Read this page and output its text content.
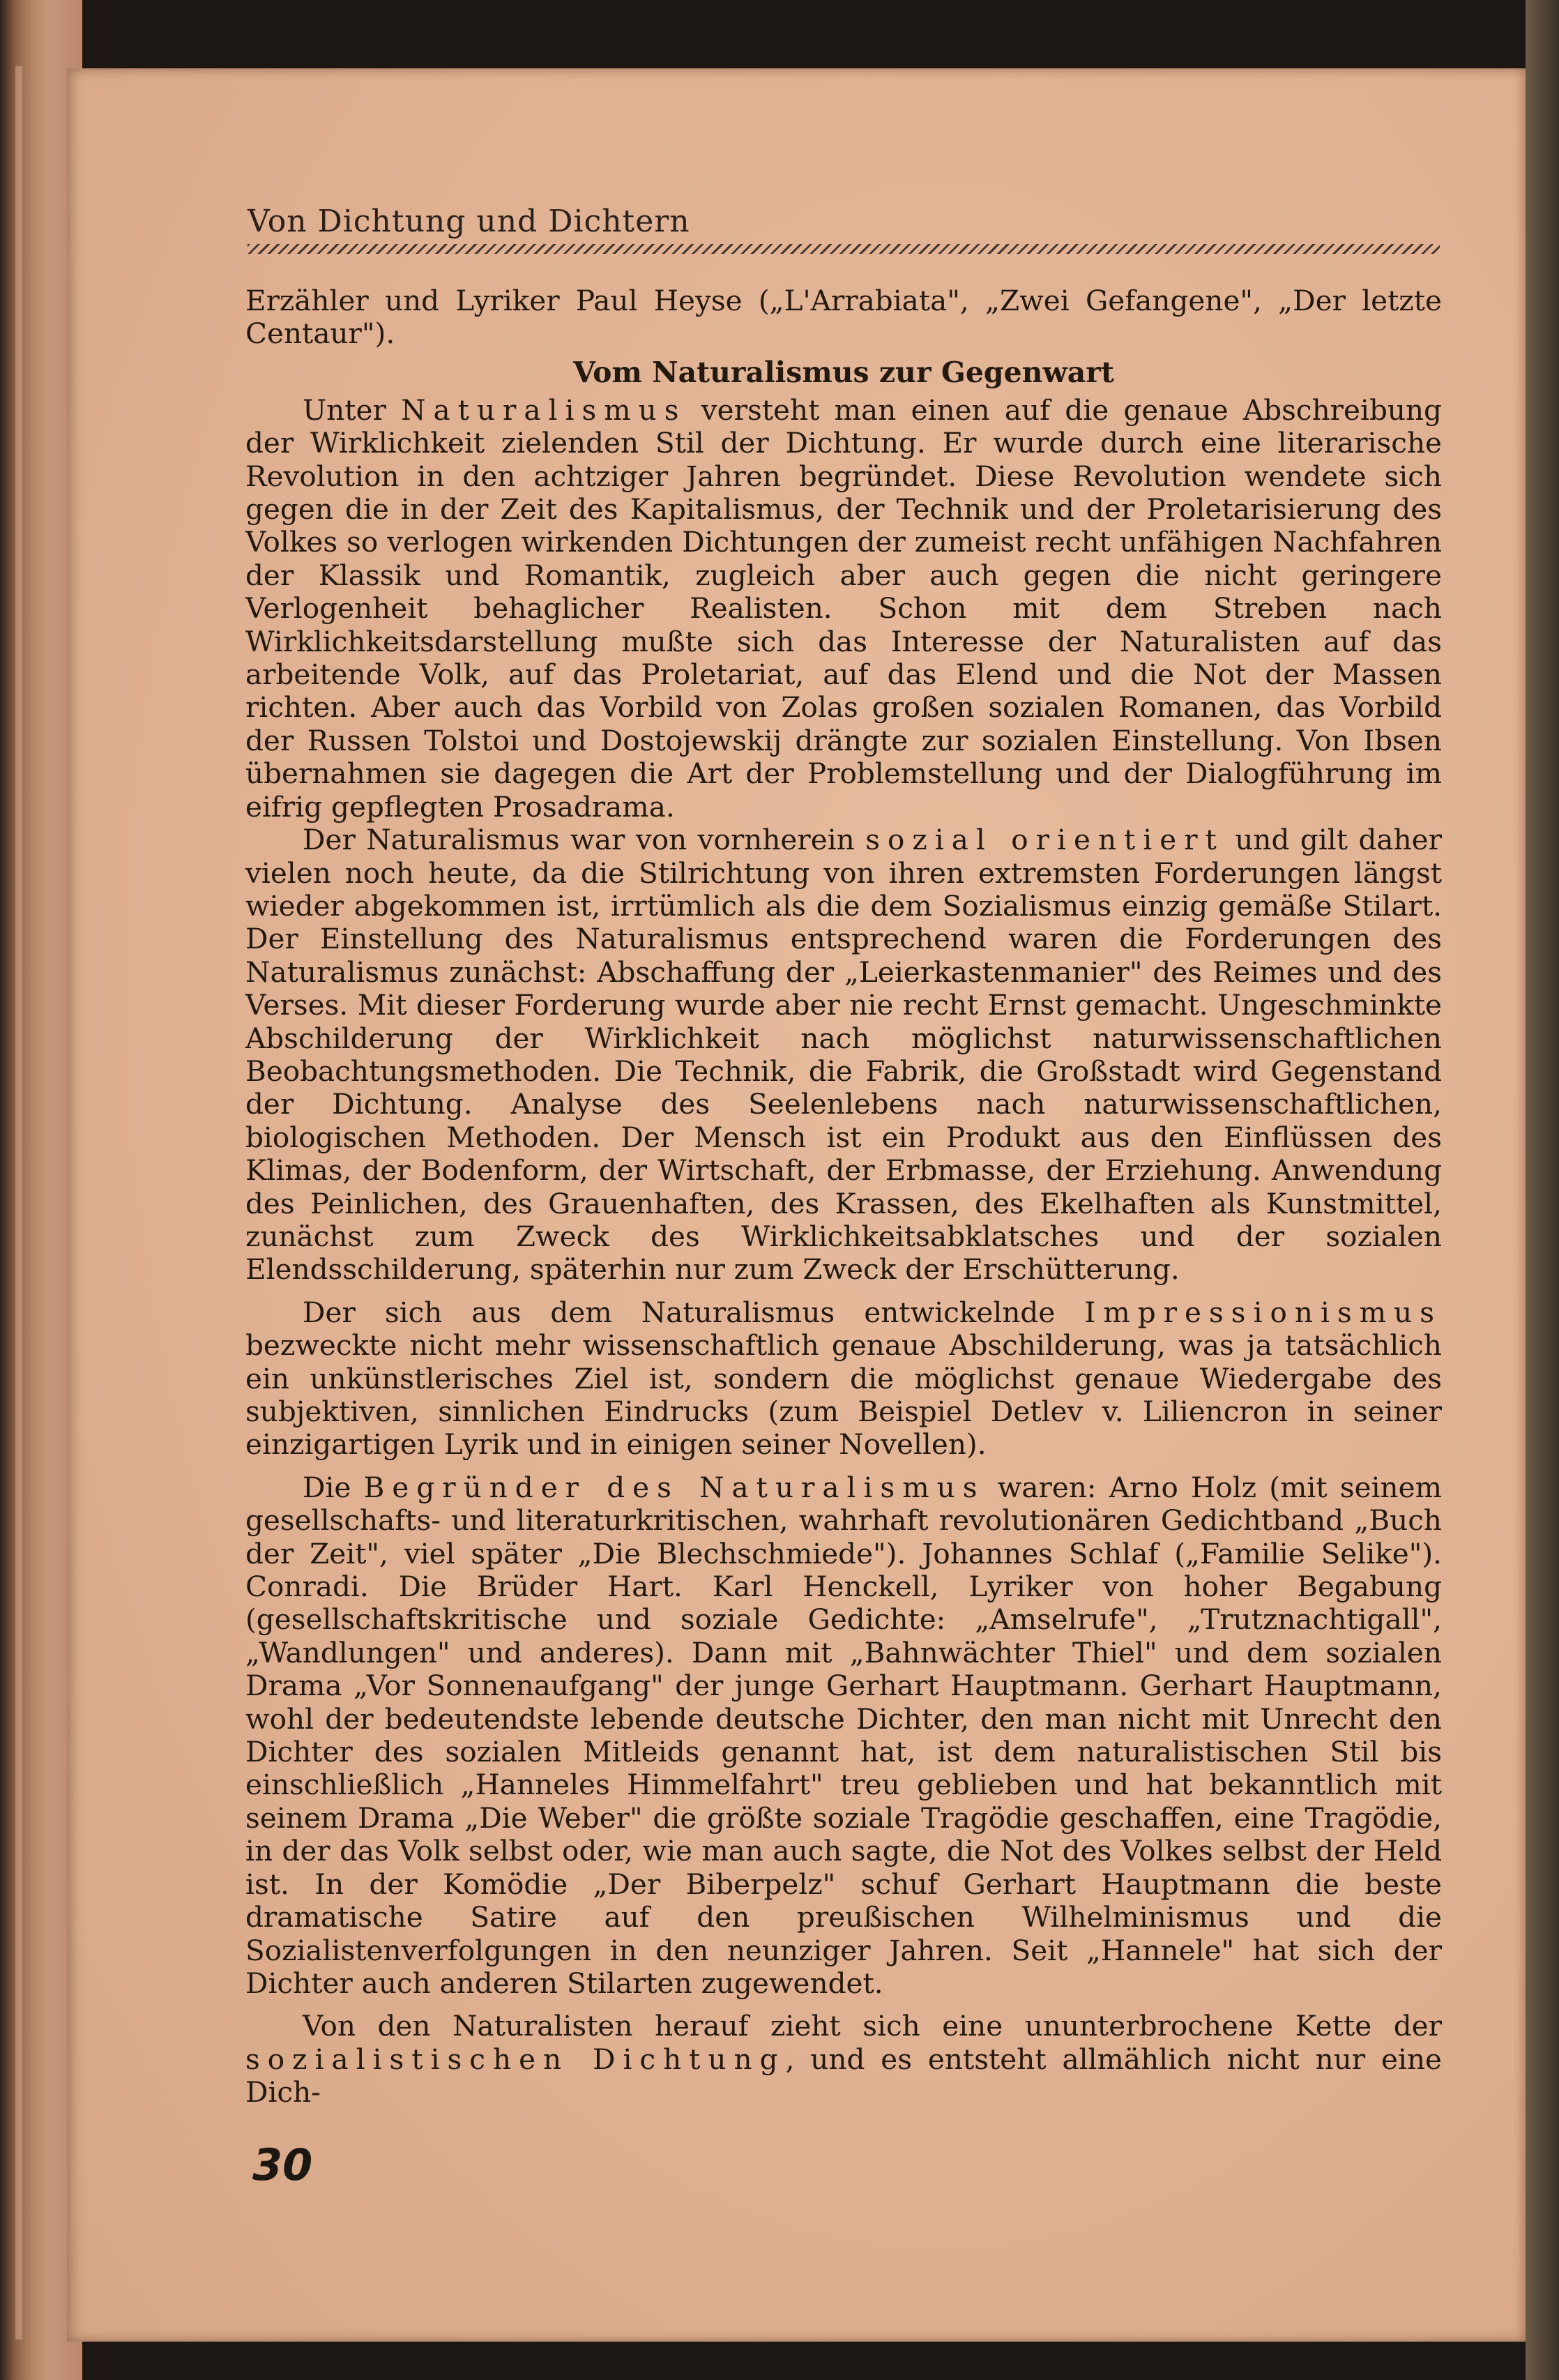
Von Dichtung und Dichtern

Erzähler und Lyriker Paul Heyse („L'Arrabiata", „Zwei Gefangene", „Der letzte Centaur").

Vom Naturalismus zur Gegenwart

Unter Naturalismus versteht man einen auf die genaue Abschreibung der Wirklichkeit zielenden Stil der Dichtung. Er wurde durch eine literarische Revolution in den achtziger Jahren begründet. Diese Revolution wendete sich gegen die in der Zeit des Kapitalismus, der Technik und der Proletarisierung des Volkes so verlogen wirkenden Dichtungen der zumeist recht unfähigen Nachfahren der Klassik und Romantik, zugleich aber auch gegen die nicht geringere Verlogenheit behaglicher Realisten. Schon mit dem Streben nach Wirklichkeitsdarstellung mußte sich das Interesse der Naturalisten auf das arbeitende Volk, auf das Proletariat, auf das Elend und die Not der Massen richten. Aber auch das Vorbild von Zolas großen sozialen Romanen, das Vorbild der Russen Tolstoi und Dostojewskij drängte zur sozialen Einstellung. Von Ibsen übernahmen sie dagegen die Art der Problemstellung und der Dialogführung im eifrig gepflegten Prosadrama.

Der Naturalismus war von vornherein sozial orientiert und gilt daher vielen noch heute, da die Stilrichtung von ihren extremsten Forderungen längst wieder abgekommen ist, irrtümlich als die dem Sozialismus einzig gemäße Stilart. Der Einstellung des Naturalismus entsprechend waren die Forderungen des Naturalismus zunächst: Abschaffung der „Leierkastenmanier" des Reimes und des Verses. Mit dieser Forderung wurde aber nie recht Ernst gemacht. Ungeschminkte Abschilderung der Wirklichkeit nach möglichst naturwissenschaftlichen Beobachtungsmethoden. Die Technik, die Fabrik, die Großstadt wird Gegenstand der Dichtung. Analyse des Seelenlebens nach naturwissenschaftlichen, biologischen Methoden. Der Mensch ist ein Produkt aus den Einflüssen des Klimas, der Bodenform, der Wirtschaft, der Erbmasse, der Erziehung. Anwendung des Peinlichen, des Grauenhaften, des Krassen, des Ekelhaften als Kunstmittel, zunächst zum Zweck des Wirklichkeitsabklatsches und der sozialen Elendsschilderung, späterhin nur zum Zweck der Erschütterung.

Der sich aus dem Naturalismus entwickelnde Impressionismus bezweckte nicht mehr wissenschaftlich genaue Abschilderung, was ja tatsächlich ein unkünstlerisches Ziel ist, sondern die möglichst genaue Wiedergabe des subjektiven, sinnlichen Eindrucks (zum Beispiel Detlev v. Liliencron in seiner einzigartigen Lyrik und in einigen seiner Novellen).

Die Begründer des Naturalismus waren: Arno Holz (mit seinem gesellschafts- und literaturkritischen, wahrhaft revolutionären Gedichtband „Buch der Zeit", viel später „Die Blechschmiede"). Johannes Schlaf („Familie Selike"). Conradi. Die Brüder Hart. Karl Henckell, Lyriker von hoher Begabung (gesellschaftskritische und soziale Gedichte: „Amselrufe", „Trutznachtigall", „Wandlungen" und anderes). Dann mit „Bahnwächter Thiel" und dem sozialen Drama „Vor Sonnenaufgang" der junge Gerhart Hauptmann. Gerhart Hauptmann, wohl der bedeutendste lebende deutsche Dichter, den man nicht mit Unrecht den Dichter des sozialen Mitleids genannt hat, ist dem naturalistischen Stil bis einschließlich „Hanneles Himmelfahrt" treu geblieben und hat bekanntlich mit seinem Drama „Die Weber" die größte soziale Tragödie geschaffen, eine Tragödie, in der das Volk selbst oder, wie man auch sagte, die Not des Volkes selbst der Held ist. In der Komödie „Der Biberpelz" schuf Gerhart Hauptmann die beste dramatische Satire auf den preußischen Wilhelminismus und die Sozialistenverfolgungen in den neunziger Jahren. Seit „Hannele" hat sich der Dichter auch anderen Stilarten zugewendet.

Von den Naturalisten herauf zieht sich eine ununterbrochene Kette der sozialistischen Dichtung, und es entsteht allmählich nicht nur eine Dich-

30
